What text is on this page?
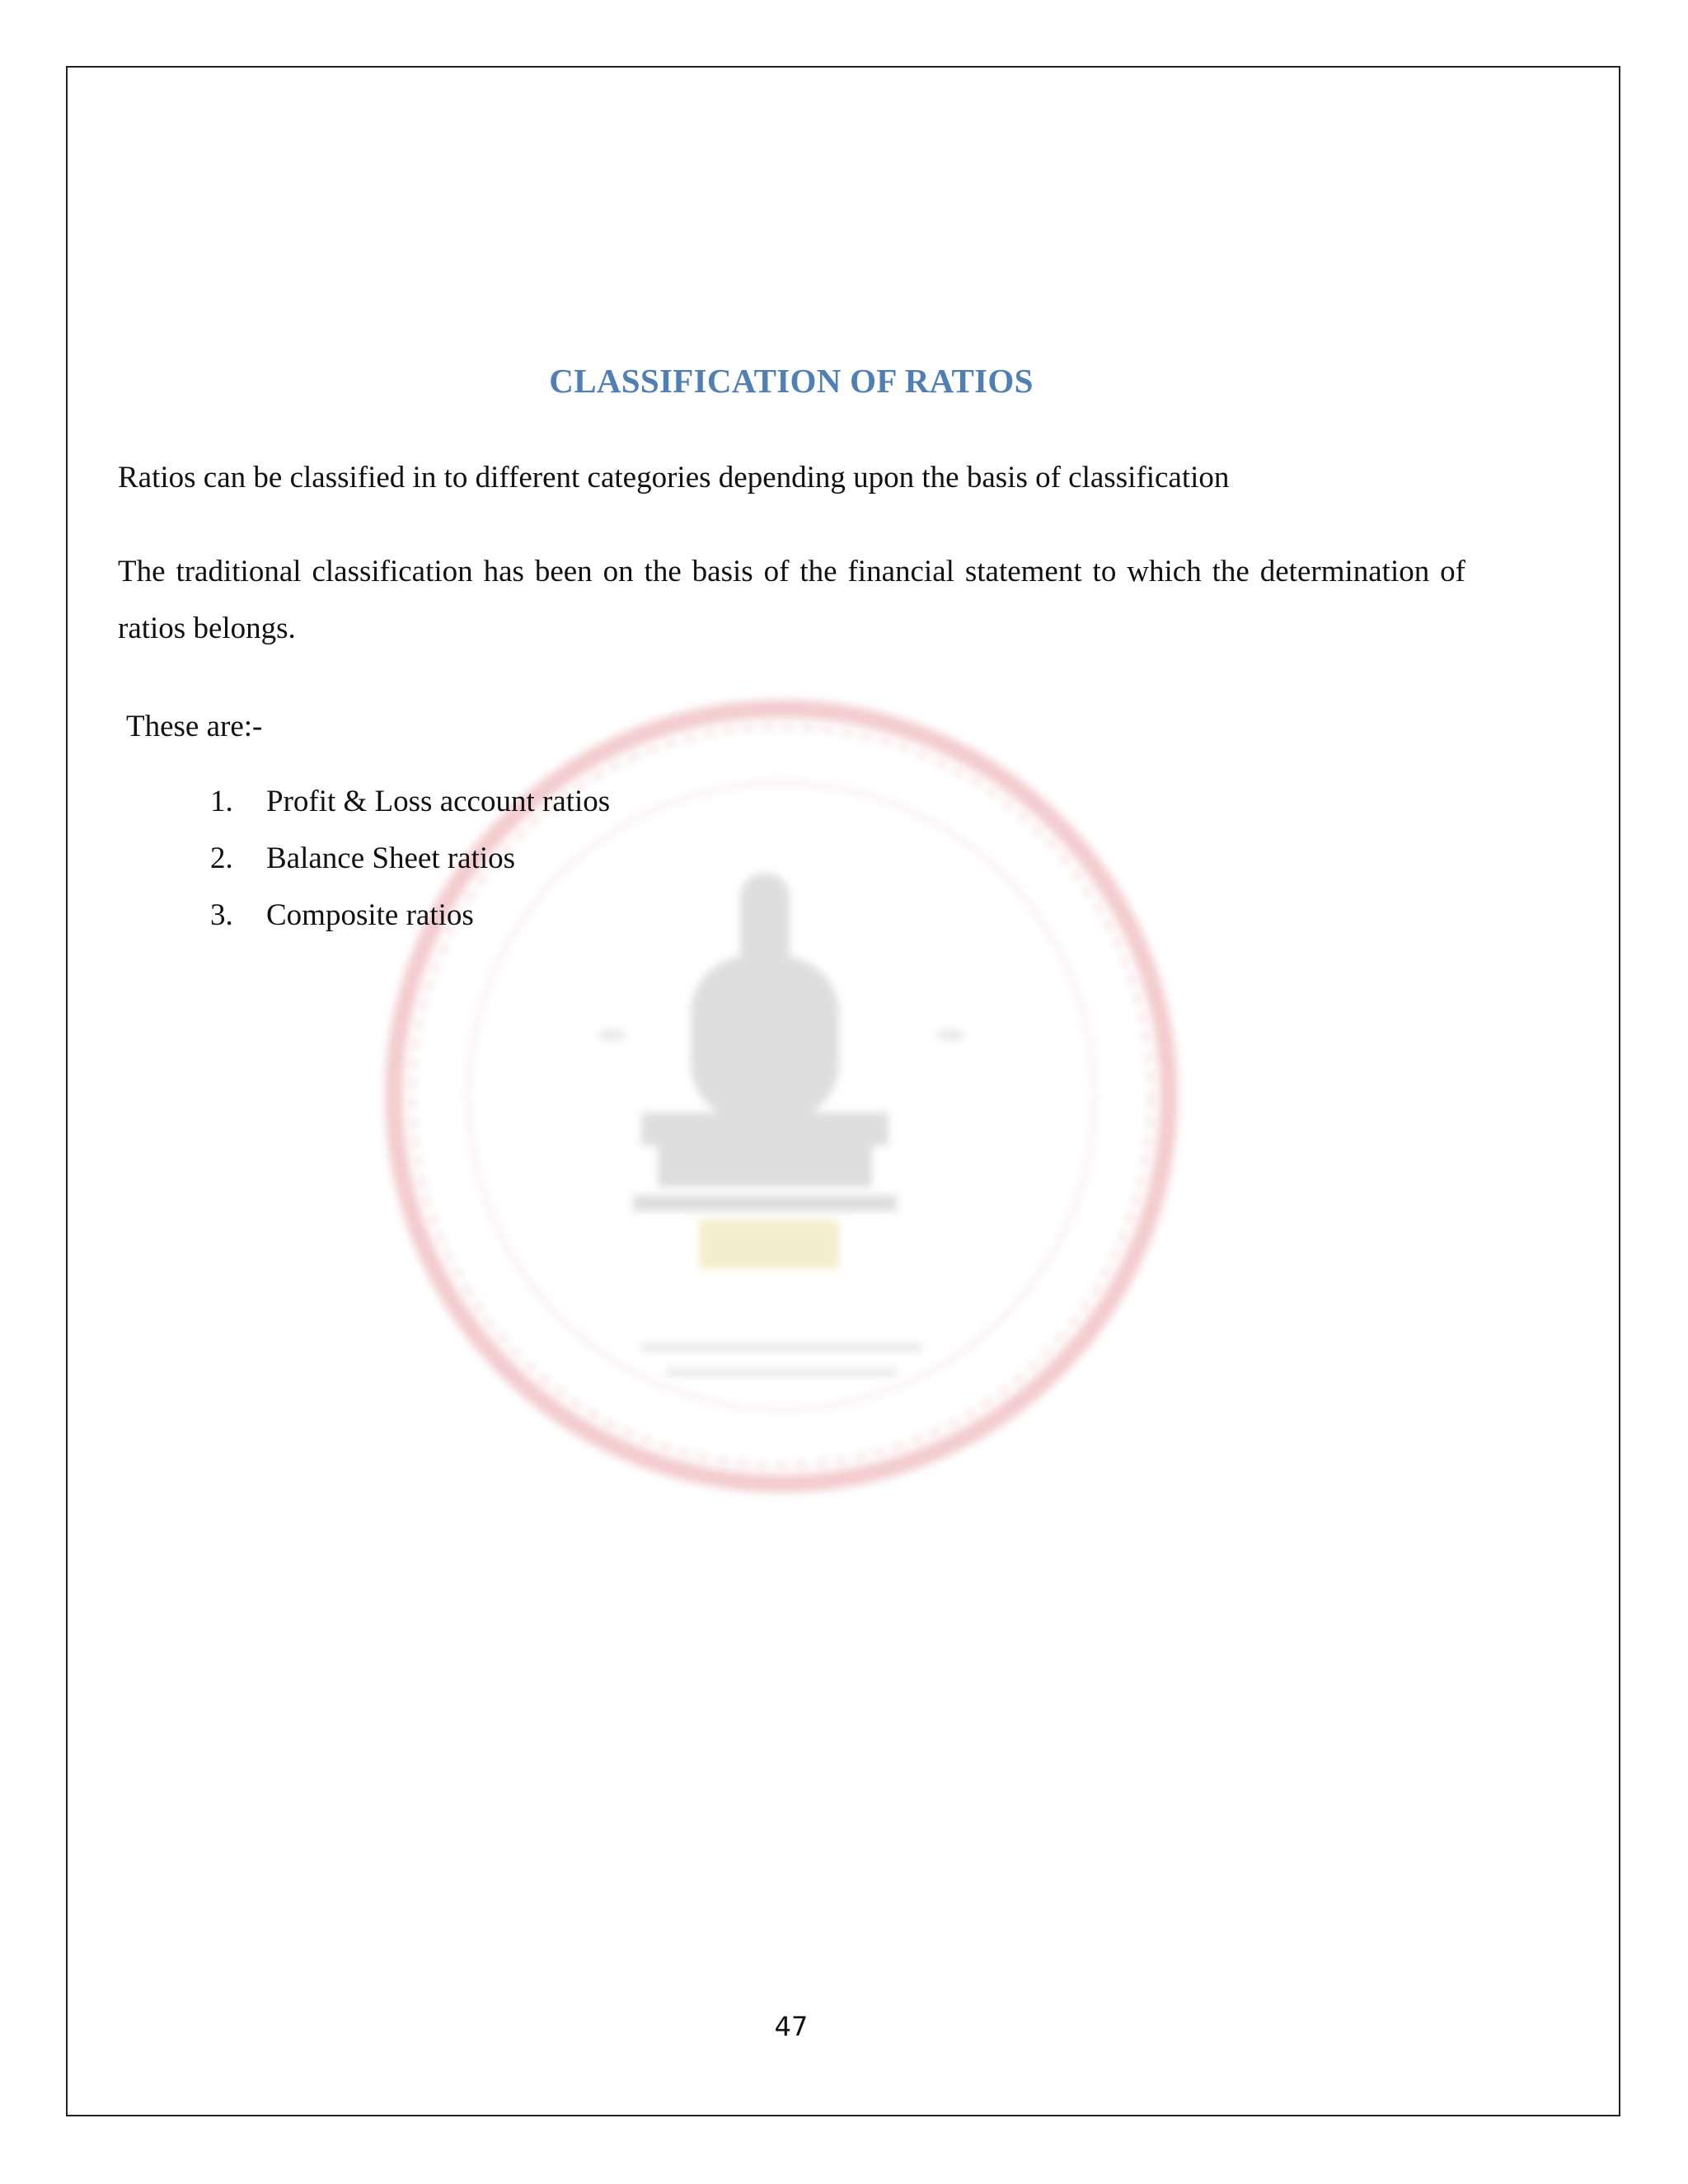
CLASSIFICATION OF RATIOS

Ratios can be classified in to different categories depending upon the basis of classification

The traditional classification has been on the basis of the financial statement to which the determination of ratios belongs.

These are:-

1.	Profit & Loss account ratios
2.	Balance Sheet ratios
3.	Composite ratios
47
